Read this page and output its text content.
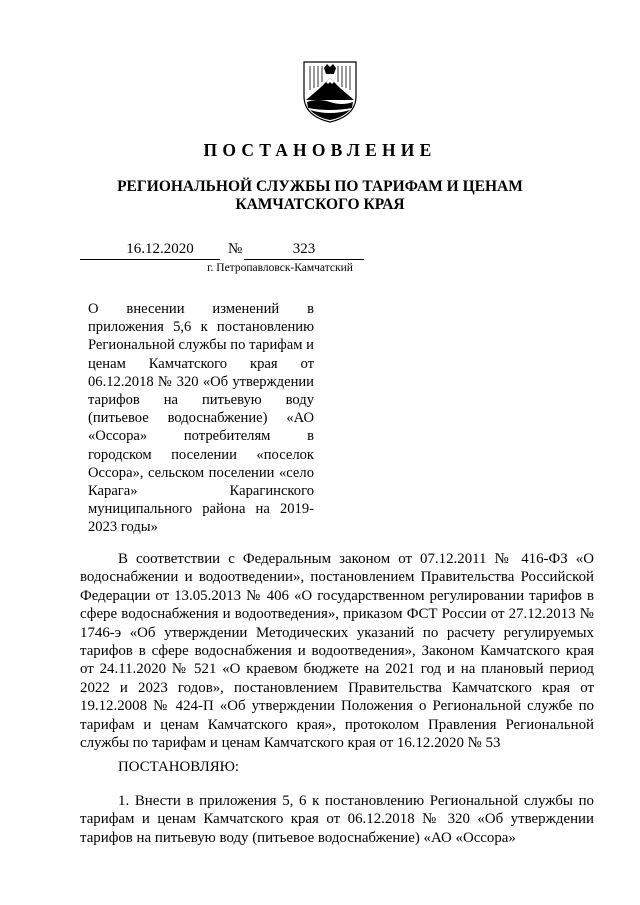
ПОСТАНОВЛЕНИЕ
РЕГИОНАЛЬНОЙ СЛУЖБЫ ПО ТАРИФАМ И ЦЕНАМ
КАМЧАТСКОГО КРАЯ
16.12.2020	№	323
г. Петропавловск-Камчатский
О внесении изменений в приложения 5,6 к постановлению Региональной службы по тарифам и ценам Камчатского края от 06.12.2018 № 320 «Об утверждении тарифов на питьевую воду (питьевое водоснабжение) «АО «Оссора» потребителям в городском поселении «поселок Оссора», сельском поселении «село Карага» Карагинского муниципального района на 2019-2023 годы»
В соответствии с Федеральным законом от 07.12.2011 № 416-ФЗ «О водоснабжении и водоотведении», постановлением Правительства Российской Федерации от 13.05.2013 № 406 «О государственном регулировании тарифов в сфере водоснабжения и водоотведения», приказом ФСТ России от 27.12.2013 № 1746-э «Об утверждении Методических указаний по расчету регулируемых тарифов в сфере водоснабжения и водоотведения», Законом Камчатского края от 24.11.2020 № 521 «О краевом бюджете на 2021 год и на плановый период 2022 и 2023 годов», постановлением Правительства Камчатского края от 19.12.2008 № 424-П «Об утверждении Положения о Региональной службе по тарифам и ценам Камчатского края», протоколом Правления Региональной службы по тарифам и ценам Камчатского края от 16.12.2020 № 53
ПОСТАНОВЛЯЮ:
1. Внести в приложения 5, 6 к постановлению Региональной службы по тарифам и ценам Камчатского края от 06.12.2018 № 320 «Об утверждении тарифов на питьевую воду (питьевое водоснабжение) «АО «Оссора»
